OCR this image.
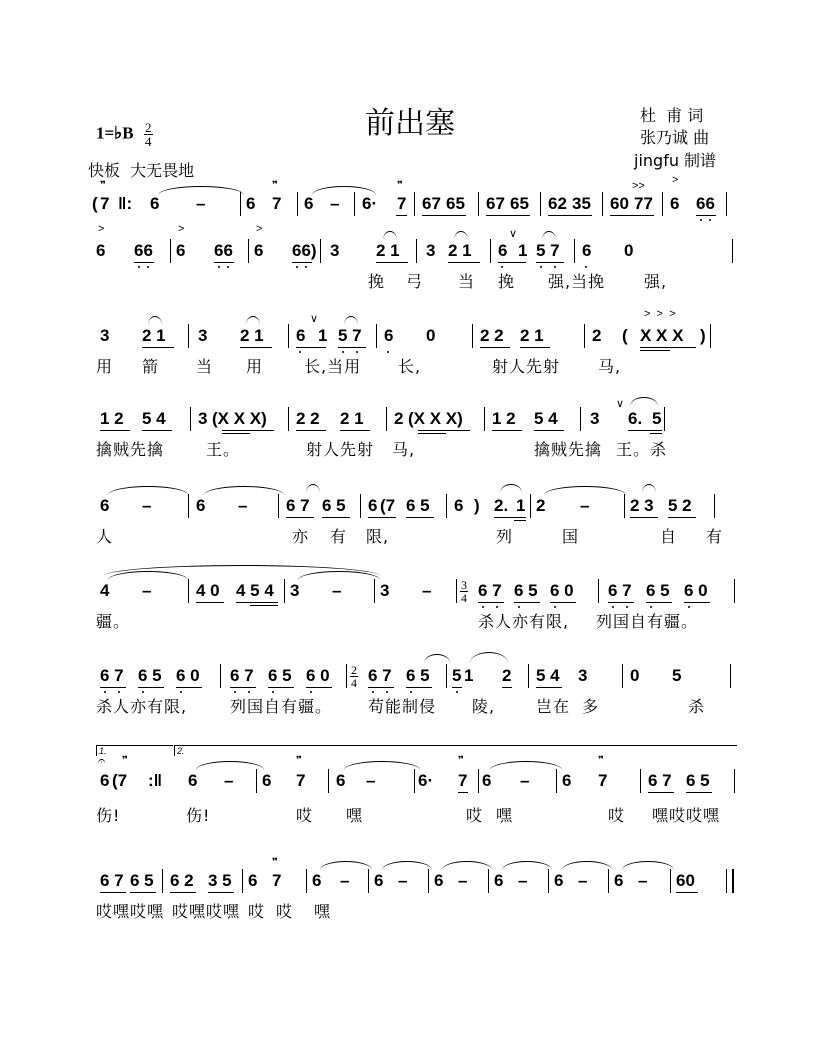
前出塞	杜  甫 词
张乃诚 曲
jingfu 制谱
1=♭B $\frac{2}{4}$
快板  大无畏地
( 7
❞
‖: 6 – 6 7
❞
6 – 6· 7
❞
67 65 67 65 62 35 60 77
>>
6
>
66
>
6 66
>
6 66
>
6 66) 3 2 1 3 2 1 6
∨
1 5 7 6 0
挽 弓 当 挽 强,当挽 强,
3 2 1 3 2 1 6
∨
1 5 7 6 0	2 2 2 1	2 (
>  >  >
X X X )
用 箭 当 用	长,当用 长,	射人先射 马,
1 2 5 4 3 (X X X) 2 2 2 1 2 (X X X) 1 2 5 4 3
∨
6. 5
擒贼先擒	王。	射人先射 马,	擒贼先擒 王。杀
6 –	6 – 6 7 6 5 6 (7 6 5 6 ) 2. 1 2 – 2 3 5 2
人	亦 有 限,	列	国	自 有
4 –	4 0 4 5 4 $3 - 3 - \frac{3}{4} 6$ 7 6 5 6 0 6 7 6 5 6 0
疆。	杀人亦有限, 列国自有疆。
6 7 6 5 6 0 6 7 6 5 6 $0 \frac{2}{4} 6$ 7 6 5 5 1 2 5 4 3	0 5
杀人亦有限,	列国自有疆。 苟能制侵 陵,	岂在 多	杀
1.	2.
𝄐
6 (7
❞
:‖ 6 – 6 7
❞
6 –	6· 7
❞
6 – 6 7
❞
6 7 6 5
伤!	伤!	哎 嘿	哎 嘿	哎 嘿哎哎嘿
6 7 6 5 6 2 3 5 6 7
❞
6 – 6 – 6 – 6 – 6 – 6 – 60
哎嘿哎嘿 哎嘿哎嘿 哎 哎 嘿
